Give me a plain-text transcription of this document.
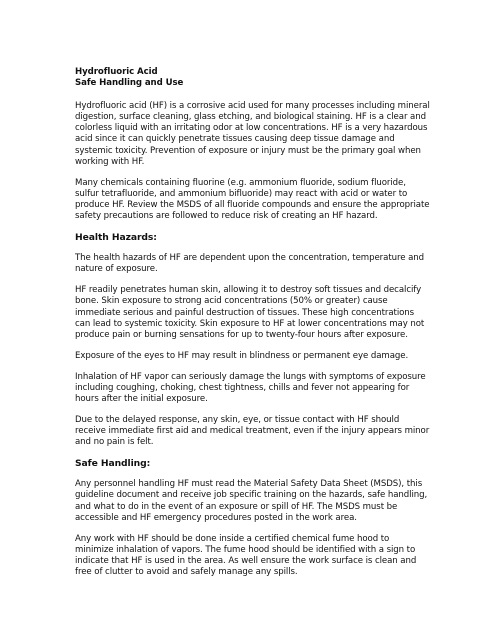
Hydrofluoric Acid
Safe Handling and Use

Hydrofluoric acid (HF) is a corrosive acid used for many processes including mineral digestion, surface cleaning, glass etching, and biological staining. HF is a clear and colorless liquid with an irritating odor at low concentrations. HF is a very hazardous acid since it can quickly penetrate tissues causing deep tissue damage and systemic toxicity. Prevention of exposure or injury must be the primary goal when working with HF.

Many chemicals containing fluorine (e.g. ammonium fluoride, sodium fluoride, sulfur tetrafluoride, and ammonium bifluoride) may react with acid or water to produce HF. Review the MSDS of all fluoride compounds and ensure the appropriate safety precautions are followed to reduce risk of creating an HF hazard.

Health Hazards:

The health hazards of HF are dependent upon the concentration, temperature and nature of exposure.

HF readily penetrates human skin, allowing it to destroy soft tissues and decalcify bone. Skin exposure to strong acid concentrations (50% or greater) cause immediate serious and painful destruction of tissues. These high concentrations can lead to systemic toxicity. Skin exposure to HF at lower concentrations may not produce pain or burning sensations for up to twenty-four hours after exposure.

Exposure of the eyes to HF may result in blindness or permanent eye damage.

Inhalation of HF vapor can seriously damage the lungs with symptoms of exposure including coughing, choking, chest tightness, chills and fever not appearing for hours after the initial exposure.

Due to the delayed response, any skin, eye, or tissue contact with HF should receive immediate first aid and medical treatment, even if the injury appears minor and no pain is felt.

Safe Handling:

Any personnel handling HF must read the Material Safety Data Sheet (MSDS), this guideline document and receive job specific training on the hazards, safe handling, and what to do in the event of an exposure or spill of HF. The MSDS must be accessible and HF emergency procedures posted in the work area.

Any work with HF should be done inside a certified chemical fume hood to minimize inhalation of vapors. The fume hood should be identified with a sign to indicate that HF is used in the area. As well ensure the work surface is clean and free of clutter to avoid and safely manage any spills.
